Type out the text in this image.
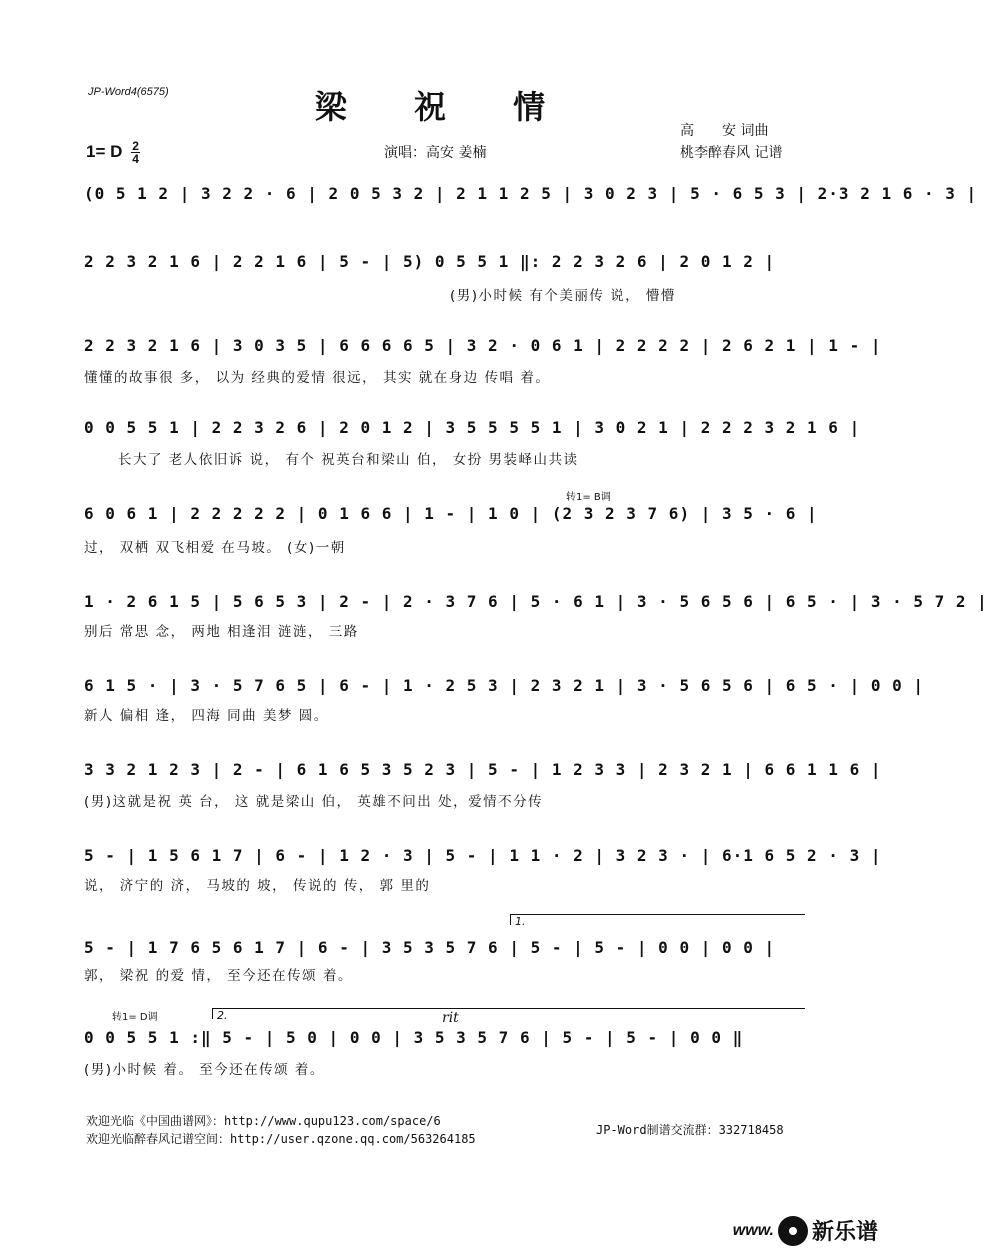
JP-Word4(6575)	梁 祝 情
1= D $\frac{2}{4}$	演唱：高安 姜楠
高　　安 词曲
桃李醉春风 记谱
(0 5 1 2 | 3 2 2 · 6 | 2 0 5 3 2 | 2 1 1 2 5 | 3 0 2 3 | 5 · 6 5 3 | 2·3 2 1 6 · 3 |
2 2 3 2 1 6 | 2 2 1 6 | 5 - | 5) 0 5 5 1 ‖: 2 2 3 2 6 | 2 0 1 2 |
(男)小时候 有个美丽传 说， 懵懵
2 2 3 2 1 6 | 3 0 3 5 | 6 6 6 6 5 | 3 2 · 0 6 1 | 2 2 2 2 | 2 6 2 1 | 1 - |
懂懂的故事很 多， 以为 经典的爱情 很远， 其实 就在身边 传唱 着。
0 0 5 5 1 | 2 2 3 2 6 | 2 0 1 2 | 3 5 5 5 5 1 | 3 0 2 1 | 2 2 2 3 2 1 6 |
长大了 老人依旧诉 说， 有个 祝英台和梁山 伯， 女扮 男装峄山共读
转1= B调
6 0 6 1 | 2 2 2 2 2 | 0 1 6 6 | 1 - | 1 0 | (2 3 2 3 7 6) | 3 5 · 6 |
过， 双栖 双飞相爱 在马坡。 (女)一朝
1 · 2 6 1 5 | 5 6 5 3 | 2 - | 2 · 3 7 6 | 5 · 6 1 | 3 · 5 6 5 6 | 6 5 · | 3 · 5 7 2 |
别后 常思 念， 两地 相逢泪 涟涟， 三路
6 1 5 · | 3 · 5 7 6 5 | 6 - | 1 · 2 5 3 | 2 3 2 1 | 3 · 5 6 5 6 | 6 5 · | 0 0 |
新人 偏相 逢， 四海 同曲 美梦 圆。
3 3 2 1 2 3 | 2 - | 6 1 6 5 3 5 2 3 | 5 - | 1 2 3 3 | 2 3 2 1 | 6 6 1 1 6 |
(男)这就是祝 英 台， 这 就是梁山 伯， 英雄不问出 处，爱情不分传
5 - | 1 5 6 1 7 | 6 - | 1 2 · 3 | 5 - | 1 1 · 2 | 3 2 3 · | 6·1 6 5 2 · 3 |
说， 济宁的 济， 马坡的 坡， 传说的 传， 郭 里的
1.
5 - | 1 7 6 5 6 1 7 | 6 - | 3 5 3 5 7 6 | 5 - | 5 - | 0 0 | 0 0 |
郭， 梁祝 的爱 情， 至今还在传颂 着。
转1= D调	2.	rit
0 0 5 5 1 :‖ 5 - | 5 0 | 0 0 | 3 5 3 5 7 6 | 5 - | 5 - | 0 0 ‖
(男)小时候 着。 至今还在传颂 着。
欢迎光临《中国曲谱网》：http://www.qupu123.com/space/6
欢迎光临醉春风记谱空间：http://user.qzone.qq.com/563264185
JP-Word制谱交流群：332718458
www. 新乐谱
